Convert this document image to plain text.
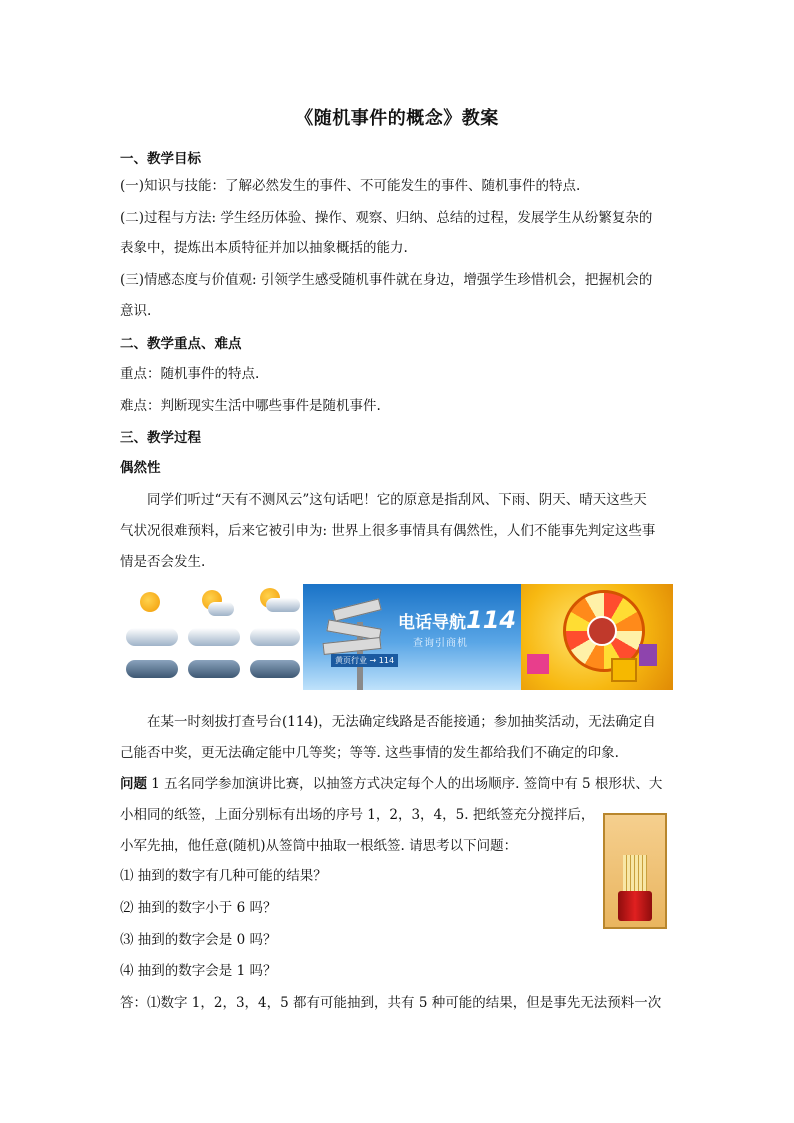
《随机事件的概念》教案
一、教学目标
(一)知识与技能：了解必然发生的事件、不可能发生的事件、随机事件的特点.
(二)过程与方法: 学生经历体验、操作、观察、归纳、总结的过程，发展学生从纷繁复杂的
表象中，提炼出本质特征并加以抽象概括的能力.
(三)情感态度与价值观: 引领学生感受随机事件就在身边，增强学生珍惜机会，把握机会的
意识.
二、教学重点、难点
重点：随机事件的特点.
难点：判断现实生活中哪些事件是随机事件.
三、教学过程
偶然性
同学们听过“天有不测风云”这句话吧！它的原意是指刮风、下雨、阴天、晴天这些天
气状况很难预料，后来它被引申为: 世界上很多事情具有偶然性，人们不能事先判定这些事
情是否会发生.
黄页行业 → 114
电话导航114
查询引商机
在某一时刻拔打查号台(114)，无法确定线路是否能接通；参加抽奖活动，无法确定自
己能否中奖，更无法确定能中几等奖；等等. 这些事情的发生都给我们不确定的印象.
问题 1 五名同学参加演讲比赛，以抽签方式决定每个人的出场顺序. 签筒中有 5 根形状、大
小相同的纸签，上面分别标有出场的序号 1，2，3，4，5. 把纸签充分搅拌后，
小军先抽，他任意(随机)从签筒中抽取一根纸签. 请思考以下问题：
⑴ 抽到的数字有几种可能的结果？
⑵ 抽到的数字小于 6 吗？
⑶ 抽到的数字会是 0 吗？
⑷ 抽到的数字会是 1 吗？
答：⑴数字 1，2，3，4，5 都有可能抽到，共有 5 种可能的结果，但是事先无法预料一次
